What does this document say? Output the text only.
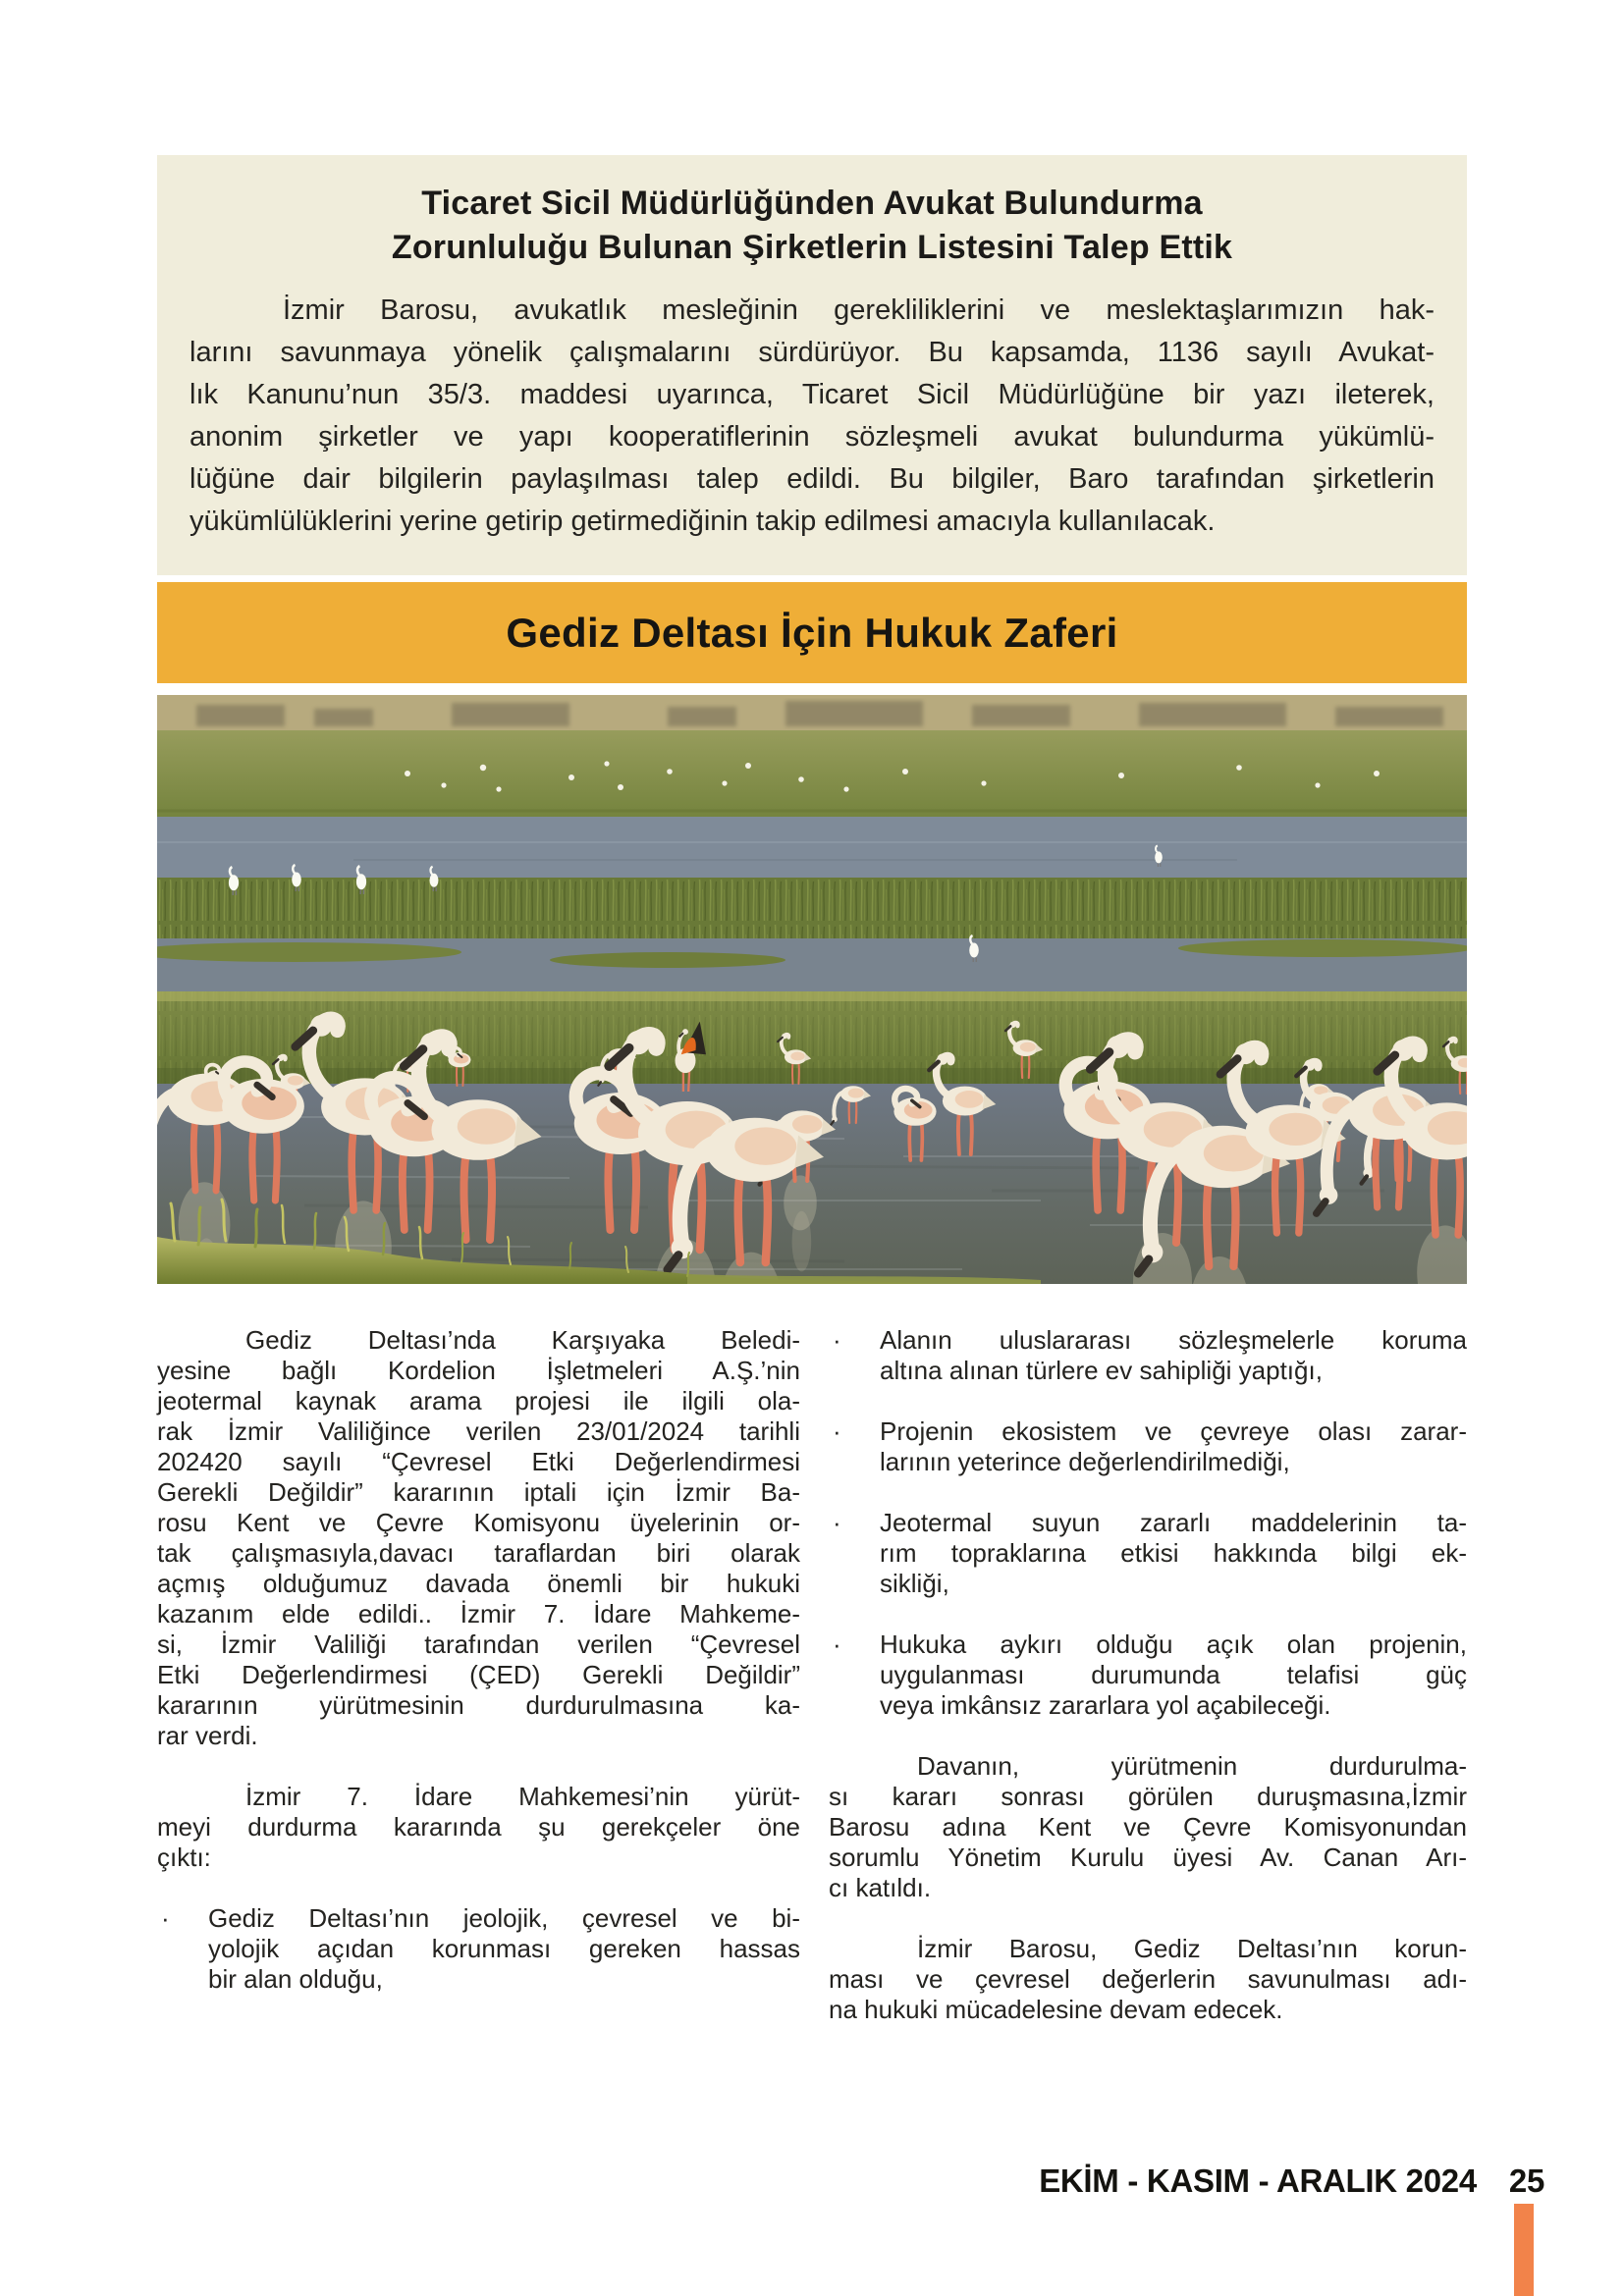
Ticaret Sicil Müdürlüğünden Avukat Bulundurma
Zorunluluğu Bulunan Şirketlerin Listesini Talep Ettik
İzmir Barosu, avukatlık mesleğinin gerekliliklerini ve meslektaşlarımızın hak-
larını savunmaya yönelik çalışmalarını sürdürüyor. Bu kapsamda, 1136 sayılı Avukat-
lık Kanunu’nun 35/3. maddesi uyarınca, Ticaret Sicil Müdürlüğüne bir yazı ileterek,
anonim şirketler ve yapı kooperatiflerinin sözleşmeli avukat bulundurma yükümlü-
lüğüne dair bilgilerin paylaşılması talep edildi. Bu bilgiler, Baro tarafından şirketlerin
yükümlülüklerini yerine getirip getirmediğinin takip edilmesi amacıyla kullanılacak.
Gediz Deltası İçin Hukuk Zaferi
Gediz Deltası’nda Karşıyaka Beledi-
yesine bağlı Kordelion İşletmeleri A.Ş.’nin
jeotermal kaynak arama projesi ile ilgili ola-
rak İzmir Valiliğince verilen 23/01/2024 tarihli
202420 sayılı “Çevresel Etki Değerlendirmesi
Gerekli Değildir” kararının iptali için İzmir Ba-
rosu Kent ve Çevre Komisyonu üyelerinin or-
tak çalışmasıyla,davacı taraflardan biri olarak
açmış olduğumuz davada önemli bir hukuki
kazanım elde edildi.. İzmir 7. İdare Mahkeme-
si, İzmir Valiliği tarafından verilen “Çevresel
Etki Değerlendirmesi (ÇED) Gerekli Değildir”
kararının yürütmesinin durdurulmasına ka-
rar verdi.
İzmir 7. İdare Mahkemesi’nin yürüt-
meyi durdurma kararında şu gerekçeler öne
çıktı:
·	Gediz Deltası’nın jeolojik, çevresel ve bi-
yolojik açıdan korunması gereken hassas
bir alan olduğu,
·	Alanın uluslararası sözleşmelerle koruma
altına alınan türlere ev sahipliği yaptığı,
·	Projenin ekosistem ve çevreye olası zarar-
larının yeterince değerlendirilmediği,
·	Jeotermal suyun zararlı maddelerinin ta-
rım topraklarına etkisi hakkında bilgi ek-
sikliği,
·	Hukuka aykırı olduğu açık olan projenin,
uygulanması durumunda telafisi güç
veya imkânsız zararlara yol açabileceği.
Davanın, yürütmenin durdurulma-
sı kararı sonrası görülen duruşmasına,İzmir
Barosu adına Kent ve Çevre Komisyonundan
sorumlu Yönetim Kurulu üyesi Av. Canan Arı-
cı katıldı.
İzmir Barosu, Gediz Deltası’nın korun-
ması ve çevresel değerlerin savunulması adı-
na hukuki mücadelesine devam edecek.
EKİM - KASIM - ARALIK 2024 25
